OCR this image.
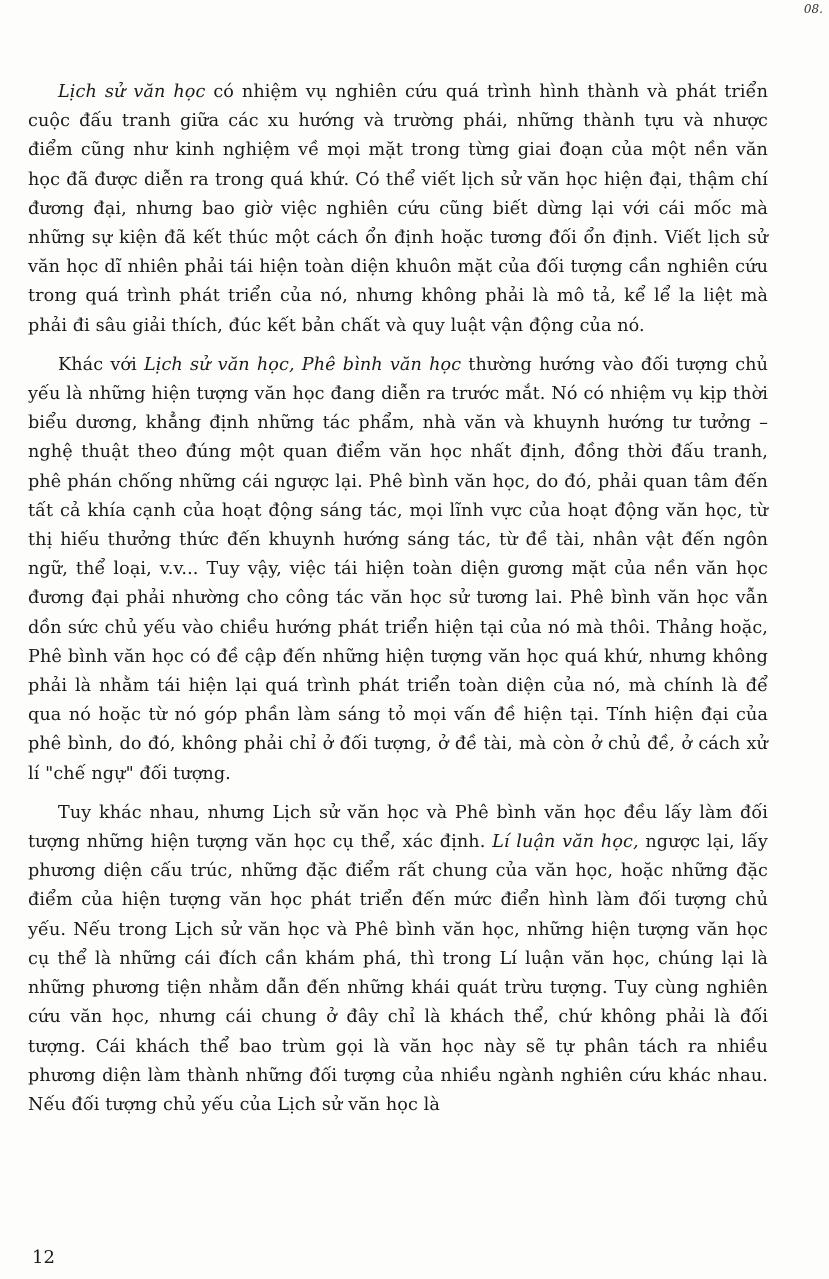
08.

Lịch sử văn học có nhiệm vụ nghiên cứu quá trình hình thành và phát triển cuộc đấu tranh giữa các xu hướng và trường phái, những thành tựu và nhược điểm cũng như kinh nghiệm về mọi mặt trong từng giai đoạn của một nền văn học đã được diễn ra trong quá khứ. Có thể viết lịch sử văn học hiện đại, thậm chí đương đại, nhưng bao giờ việc nghiên cứu cũng biết dừng lại với cái mốc mà những sự kiện đã kết thúc một cách ổn định hoặc tương đối ổn định. Viết lịch sử văn học dĩ nhiên phải tái hiện toàn diện khuôn mặt của đối tượng cần nghiên cứu trong quá trình phát triển của nó, nhưng không phải là mô tả, kể lể la liệt mà phải đi sâu giải thích, đúc kết bản chất và quy luật vận động của nó.

Khác với Lịch sử văn học, Phê bình văn học thường hướng vào đối tượng chủ yếu là những hiện tượng văn học đang diễn ra trước mắt. Nó có nhiệm vụ kịp thời biểu dương, khẳng định những tác phẩm, nhà văn và khuynh hướng tư tưởng – nghệ thuật theo đúng một quan điểm văn học nhất định, đồng thời đấu tranh, phê phán chống những cái ngược lại. Phê bình văn học, do đó, phải quan tâm đến tất cả khía cạnh của hoạt động sáng tác, mọi lĩnh vực của hoạt động văn học, từ thị hiếu thưởng thức đến khuynh hướng sáng tác, từ đề tài, nhân vật đến ngôn ngữ, thể loại, v.v... Tuy vậy, việc tái hiện toàn diện gương mặt của nền văn học đương đại phải nhường cho công tác văn học sử tương lai. Phê bình văn học vẫn dồn sức chủ yếu vào chiều hướng phát triển hiện tại của nó mà thôi. Thảng hoặc, Phê bình văn học có đề cập đến những hiện tượng văn học quá khứ, nhưng không phải là nhằm tái hiện lại quá trình phát triển toàn diện của nó, mà chính là để qua nó hoặc từ nó góp phần làm sáng tỏ mọi vấn đề hiện tại. Tính hiện đại của phê bình, do đó, không phải chỉ ở đối tượng, ở đề tài, mà còn ở chủ đề, ở cách xử lí "chế ngự" đối tượng.

Tuy khác nhau, nhưng Lịch sử văn học và Phê bình văn học đều lấy làm đối tượng những hiện tượng văn học cụ thể, xác định. Lí luận văn học, ngược lại, lấy phương diện cấu trúc, những đặc điểm rất chung của văn học, hoặc những đặc điểm của hiện tượng văn học phát triển đến mức điển hình làm đối tượng chủ yếu. Nếu trong Lịch sử văn học và Phê bình văn học, những hiện tượng văn học cụ thể là những cái đích cần khám phá, thì trong Lí luận văn học, chúng lại là những phương tiện nhằm dẫn đến những khái quát trừu tượng. Tuy cùng nghiên cứu văn học, nhưng cái chung ở đây chỉ là khách thể, chứ không phải là đối tượng. Cái khách thể bao trùm gọi là văn học này sẽ tự phân tách ra nhiều phương diện làm thành những đối tượng của nhiều ngành nghiên cứu khác nhau. Nếu đối tượng chủ yếu của Lịch sử văn học là

12
